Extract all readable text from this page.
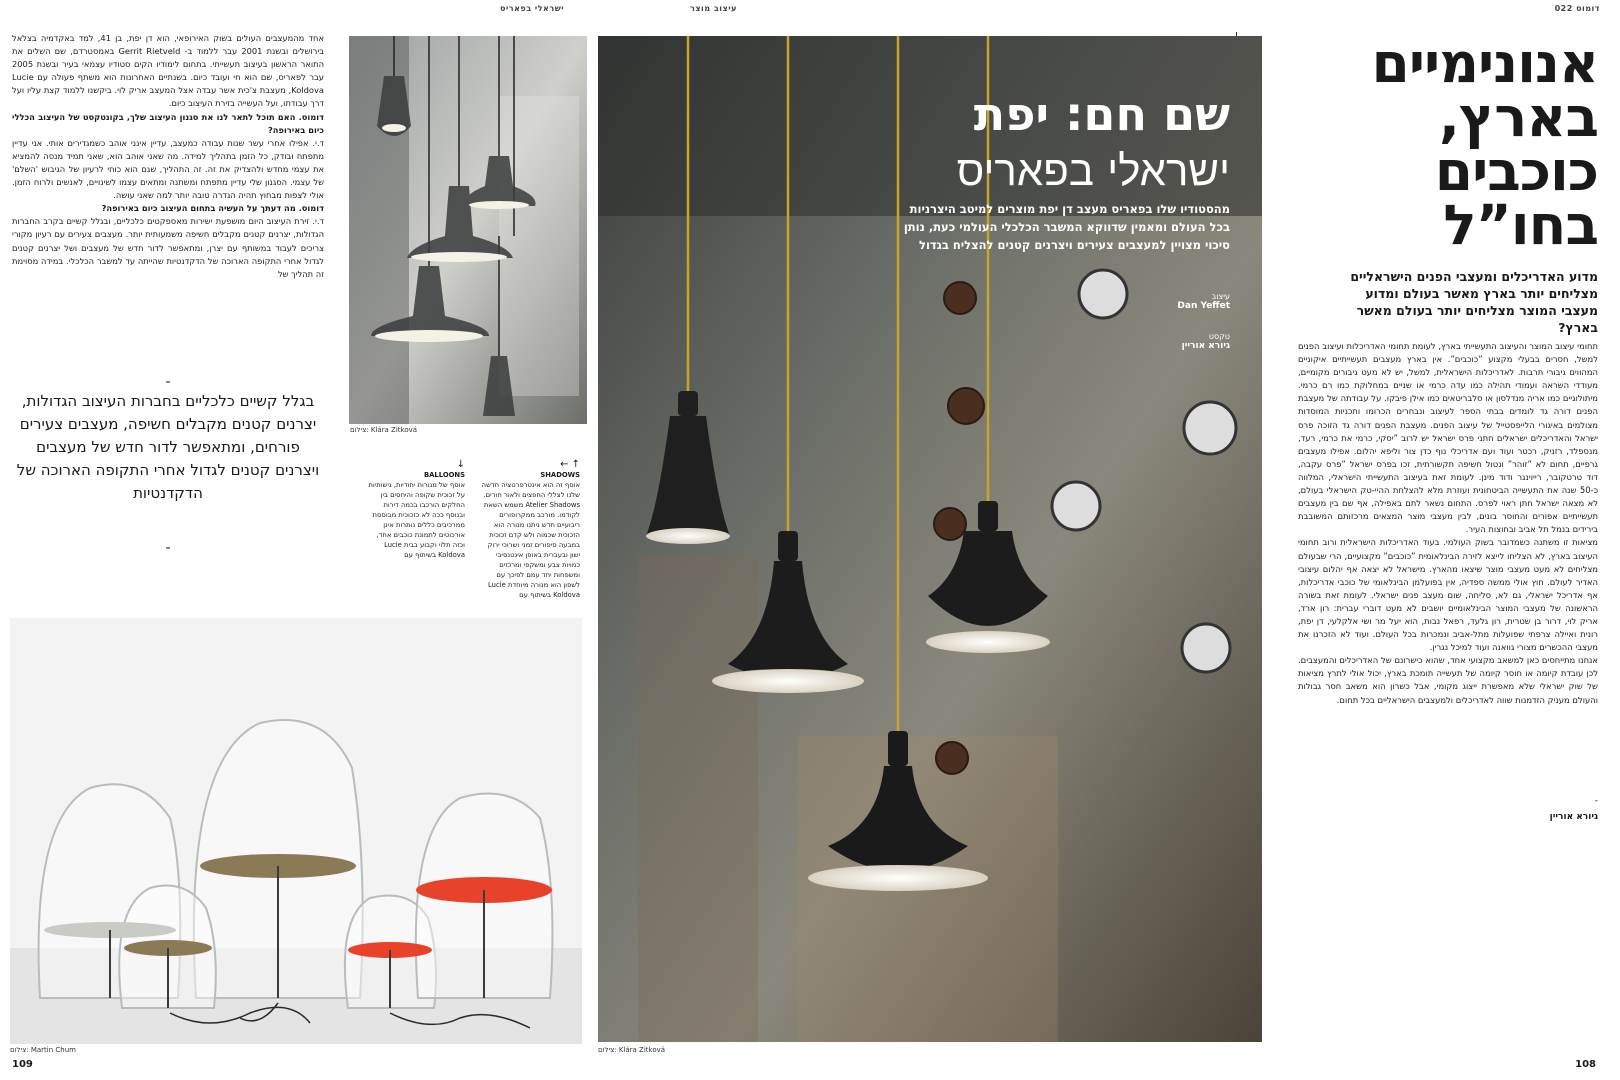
דומוס 022
עיצוב מוצר
ישראלי בפאריס
אנונימיים
בארץ,
כוכבים
בחו”ל
מדוע האדריכלים ומעצבי הפנים הישראליים מצליחים יותר בארץ מאשר בעולם ומדוע מעצבי המוצר מצליחים יותר בעולם מאשר בארץ?

תחומי עיצוב המוצר והעיצוב התעשייתי בארץ, לעומת תחומי האדריכלות ועיצוב הפנים למשל, חסרים בבעלי מקצוע ”כוכבים”. אין בארץ מעצבים תעשייתיים איקוניים המהווים גיבורי תרבות. לאדריכלות הישראלית, למשל, יש לא מעט גיבורים מקומיים, מעודדי השראה ועמודי תהילה כמו עדה כרמי או שניים במחלוקת כמו רם כרמי. מיתולוגיים כמו אריה מנדלסון או סלבריטאים כמו אילן פיבקו. על עבודתה של מעצבת הפנים דורה גד לומדים בבתי הספר לעיצוב ונבחרים הכרומו ותכניות המוסדות מצולמים באיגורי הלייפסטייל של עיצוב הפנים. מעצבת הפנים דורה גד הזוכה פרס ישראל והאדריכלים ישראלים חתני פרס ישראל יש לרוב ”יסקי, כרמי את כרמי, רעד, מנספלד, רזניק, רכטר ועוד ועם אדריכלי נוף כדן צור וליפא יהלום. אפילו מעצבים גרפיים, תחום לא ”זוהר” ונטול חשיפה תקשורתית, זכו בפרס ישראל ”פרס עקבה, דוד טרטקובר, רייוינגר ודוד מינן. לעומת זאת בעיצוב התעשייתי הישראלי, המלווה כ-50 שנה את התעשייה הביטחונית ועוזרת מלא להצלחת ההיי-טק הישראלי בעולם, לא מצאה ישראל חתן ראוי לפרס. התחום נשאר לתם באפילה, אף שם בין מעצבים תעשייתיים אפורים והחוסר בונים, לבין מעצבי מוצר המצאים מרכזותם המשובבת בירידים בנמל תל אביב ובחוצות העיר.

מציאות זו משתנה כשמדובר בשוק העולמי. בעוד האדריכלות הישראלית ורוב תחומי העיצוב בארץ, לא הצליחו לייצא לזירה הבינלאומית ”כוכבים” מקצועיים, הרי שבעולם מצליחים לא מעט מעצבי מוצר שיצאו מהארץ. מישראל לא יצאה אף יהלום עיצובי האדיר לעולם. חוץ אולי ממשה ספדיה, אין בפועלמן הבינלאומי של כוכבי אדריכלות, אף אדריכל ישראלי, גם לא, סליחה, שום מעצב פנים ישראלי. לעומת זאת בשורה הראשונה של מעצבי המוצר הבינלאומיים יושבים לא מעט דוברי עברית: רון ארד, אריק לוי, דרור בן שטרית, רון גלעד, רפאל נבות, הוא יעל מר ושי אלקלעי, דן יפת, רונית ואיילה צרפתי שפועלות מתל-אביב ונמכרות בכל העולם. ועוד לא הזכרנו את מעצבי ההכשרים מצורי גוואנה ועוד למיכל נגרין.

אנחנו מתייחסים כאן למשאב מקצועי אחד, שהוא כישרונם של האדריכלים והמעצבים. לכן עובדת קיומה או חוסר קיומה של תעשייה תומכת בארץ, יכול אולי לתרץ מציאות של שוק ישראלי שלא מאפשרת ייצוג מקומי, אבל כשרון הוא משאב חסר גבולות והעולם מעניק הזדמנות שווה לאדריכלים ולמעצבים הישראליים בכל תחום.

-
גיורא אוריין
108
שם חם: יפת
ישראלי בפאריס
מהסטודיו שלו בפאריס מעצב דן יפת מוצרים למיטב היצרניות בכל העולם ומאמין שדווקא המשבר הכלכלי העולמי כעת, נותן סיכוי מצויין למעצבים צעירים ויצרנים קטנים להצליח בגדול
עיצוב
Dan Yeffet
טקסט
גיורא אוריין
צילום: Klára Zitková

אחד מהמעצבים העולים בשוק האירופאי, הוא דן יפת, בן 41, למד באקדמיה בצלאל בירושלים ובשנת 2001 עבר ללמוד ב- Gerrit Rietveld באמסטרדם, שם השלים את התואר הראשון בעיצוב תעשייתי. בתחום לימודיו הקים סטודיו עצמאי בעיר ובשנת 2005 עבר לפאריס, שם הוא חי ועובד כיום. בשנתיים האחרונות הוא משתף פעולה עם Lucie Koldova, מעצבת צ'כית אשר עבדה אצל המעצב אריק לוי. ביקשנו ללמוד קצת עליו ועל דרך עבודתו, ועל העשייה בזירת העיצוב כיום.

דומוס. האם תוכל לתאר לנו את סגנון העיצוב שלך, בקונטקסט של העיצוב הכללי כיום באירופה?

ד.י. אפילו אחרי עשר שנות עבודה כמעצב, עדיין אינני אוהב כשמגדירים אותי. אני עדיין מתפתח ובודק, כל הזמן בתהליך למידה. מה שאני אוהב הוא, שאני תמיד מנסה להמציא את עצמי מחדש ולהצדיק את זה. זה התהליך, שגם הוא כוחי לרעיון של הגיבוש 'השלם' של עצמי. הסגנון שלי עדיין מתפתח ומשתנה ומתאים עצמו לשינויים, לאנשים ולרוח הזמן. אולי לצפות מבחוץ תהיה הגדרה טובה יותר למה שאני עושה.

דומוס. מה דעתך על העשיה בתחום העיצוב כיום באירופה?

ד.י. זירת העיצוב היום מושפעת ישירות מאספקטים כלכליים, ובגלל קשיים בקרב החברות הגדולות, יצרנים קטנים מקבלים חשיפה משמעותית יותר. מעצבים צעירים עם רעיון מקורי צריכים לעבוד במשותף עם יצרן, ומתאפשר לדור חדש של מעצבים ושל יצרנים קטנים לגדול אחרי התקופה הארוכה של הדקדנטיות שהייתה עד למשבר הכלכלי. במידה מסוימת זה תהליך של

-
בגלל קשיים כלכליים בחברות העיצוב הגדולות, יצרנים קטנים מקבלים חשיפה, מעצבים צעירים פורחים, ומתאפשר לדור חדש של מעצבים ויצרנים קטנים לגדול אחרי התקופה הארוכה של הדקדנטיות
-
צילום: Klára Zitková
↑ ←
SHADOWS
אוסף זה הוא אינטרפרטציה חדשה שלנו לצללי החפצים ולאור חורים. Atelier Shadows משמש השאת לקודמו. מורכב ממקרופורים ריבועיים חדש ניתנו מנורה הוא הזכוכית שכמוה ולש קדם זכוכית במבעה סיפורים זמני ושרוכי ירוק ישון ובעברית באופן אינטנסיבי כמויות צבע ומשקפי ומרכזים ומשפחות יחד עמם לפיכך עם לשפון הוא מנורה מיוחדת Lucie Koldova בשיתוף עם
↓
BALLOONS
אוסף של מנורות יחודיות, גישותיות על זכוכית שקופה והיחסים בין החלקים הורכבו בכמה דירות ובנוסף ככה לא כזכוכית מבוססת ממרכיבים כללים נותרות אינן אורכוטים לתמונת כוכבים אחד, וכזה תלוי וקבוע בבית Lucie Koldova בשיתוף עם
צילום: Martin Chum
109
